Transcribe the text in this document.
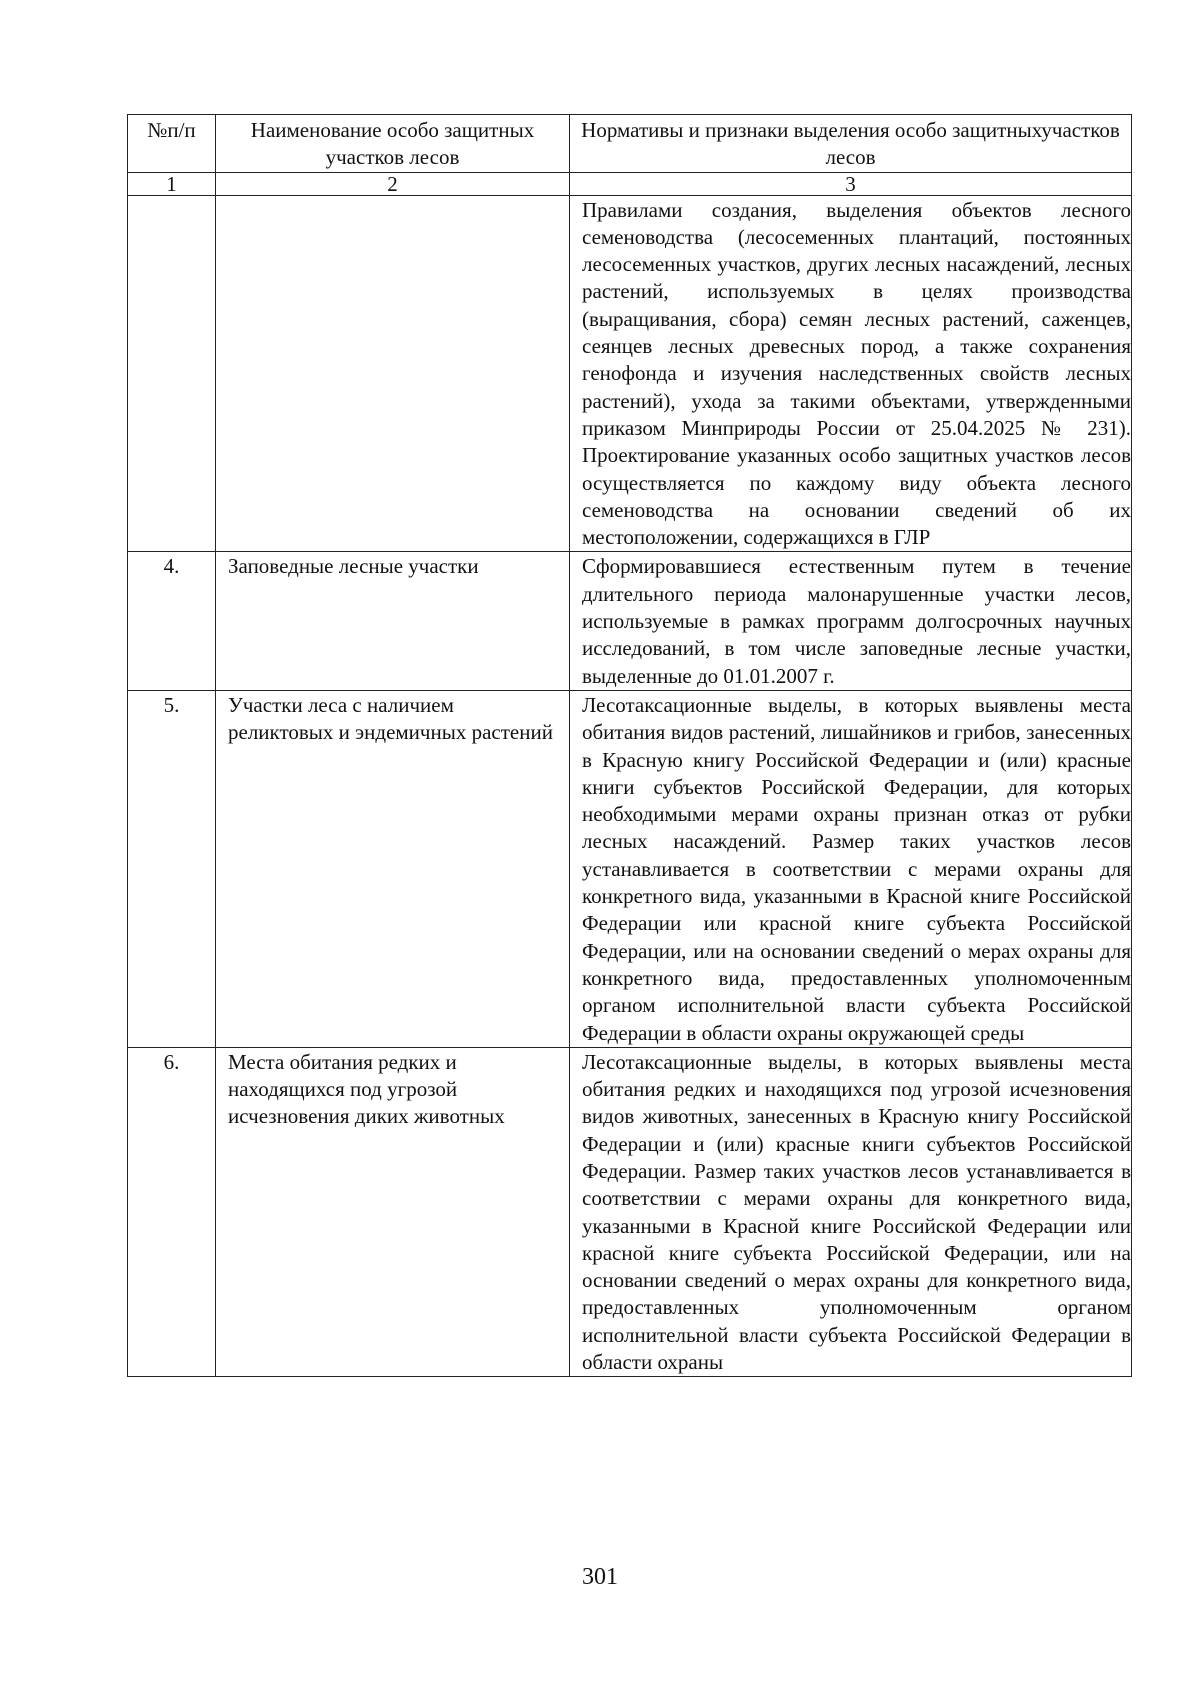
№п/п	Наименование особо защитных участков лесов	Нормативы и признаки выделения особо защитныхучастков лесов

1	2	3

		Правилами создания, выделения объектов лесного семеноводства (лесосеменных плантаций, постоянных лесосеменных участков, других лесных насаждений, лесных растений, используемых в целях производства (выращивания, сбора) семян лесных растений, саженцев, сеянцев лесных древесных пород, а также сохранения генофонда и изучения наследственных свойств лесных растений), ухода за такими объектами, утвержденными приказом Минприроды России от 25.04.2025 № 231). Проектирование указанных особо защитных участков лесов осуществляется по каждому виду объекта лесного семеноводства на основании сведений об их местоположении, содержащихся в ГЛР

4.	Заповедные лесные участки	Сформировавшиеся естественным путем в течение длительного периода малонарушенные участки лесов, используемые в рамках программ долгосрочных научных исследований, в том числе заповедные лесные участки, выделенные до 01.01.2007 г.

5.	Участки леса с наличием реликтовых и эндемичных растений	Лесотаксационные выделы, в которых выявлены места обитания видов растений, лишайников и грибов, занесенных в Красную книгу Российской Федерации и (или) красные книги субъектов Российской Федерации, для которых необходимыми мерами охраны признан отказ от рубки лесных насаждений. Размер таких участков лесов устанавливается в соответствии с мерами охраны для конкретного вида, указанными в Красной книге Российской Федерации или красной книге субъекта Российской Федерации, или на основании сведений о мерах охраны для конкретного вида, предоставленных уполномоченным органом исполнительной власти субъекта Российской Федерации в области охраны окружающей среды

6.	Места обитания редких и находящихся под угрозой исчезновения диких животных	Лесотаксационные выделы, в которых выявлены места обитания редких и находящихся под угрозой исчезновения видов животных, занесенных в Красную книгу Российской Федерации и (или) красные книги субъектов Российской Федерации. Размер таких участков лесов устанавливается в соответствии с мерами охраны для конкретного вида, указанными в Красной книге Российской Федерации или красной книге субъекта Российской Федерации, или на основании сведений о мерах охраны для конкретного вида, предоставленных уполномоченным органом исполнительной власти субъекта Российской Федерации в области охраны
301
